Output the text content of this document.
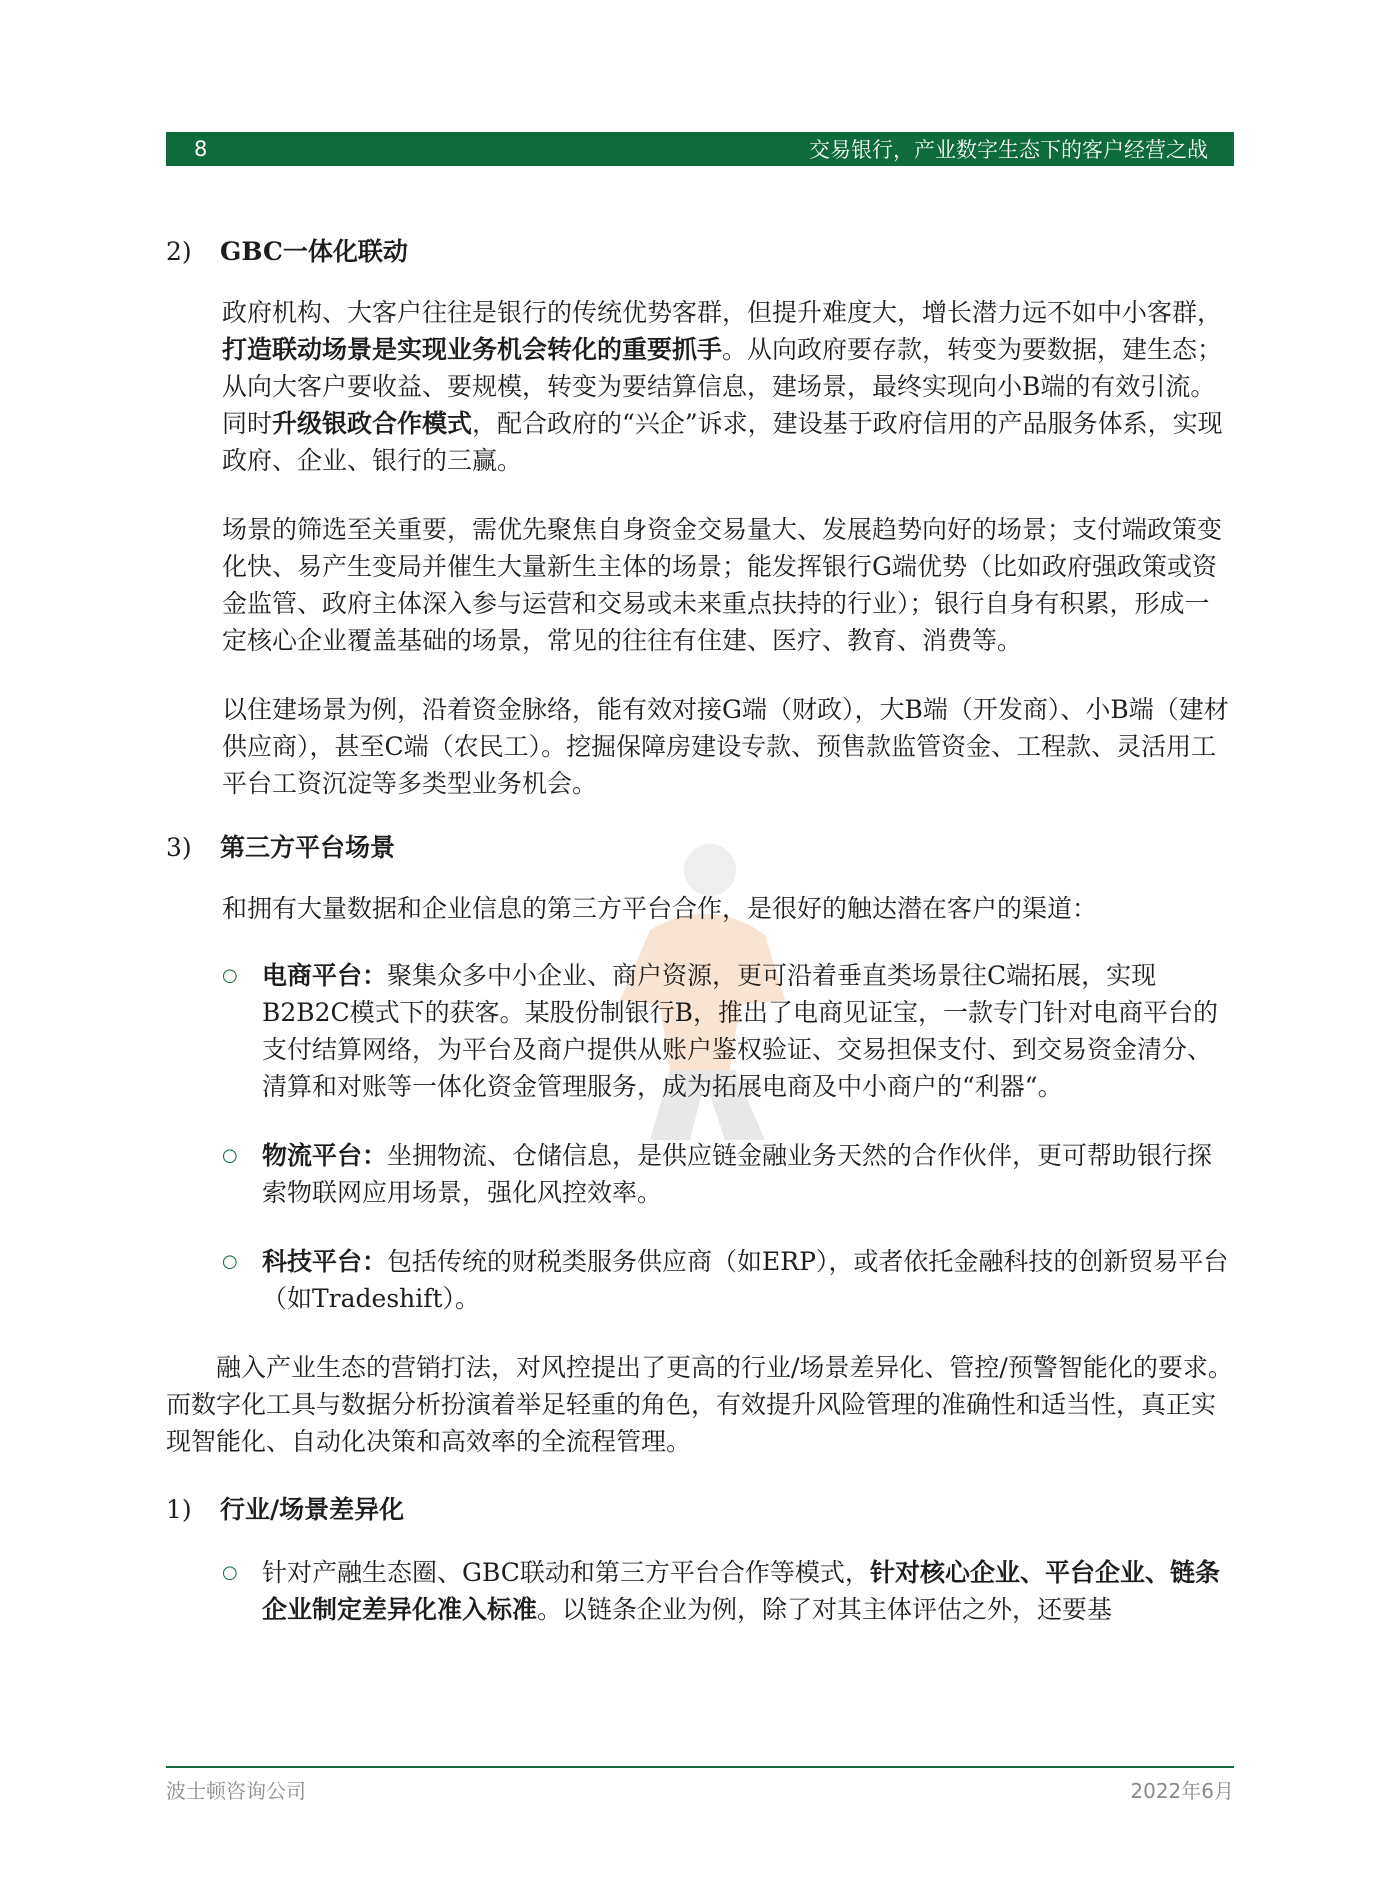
8	交易银行，产业数字生态下的客户经营之战
2)	GBC一体化联动

政府机构、大客户往往是银行的传统优势客群，但提升难度大，增长潜力远不如中小客群，打造联动场景是实现业务机会转化的重要抓手。从向政府要存款，转变为要数据，建生态；从向大客户要收益、要规模，转变为要结算信息，建场景，最终实现向小B端的有效引流。同时升级银政合作模式，配合政府的“兴企”诉求，建设基于政府信用的产品服务体系，实现政府、企业、银行的三赢。

场景的筛选至关重要，需优先聚焦自身资金交易量大、发展趋势向好的场景；支付端政策变化快、易产生变局并催生大量新生主体的场景；能发挥银行G端优势（比如政府强政策或资金监管、政府主体深入参与运营和交易或未来重点扶持的行业）；银行自身有积累，形成一定核心企业覆盖基础的场景，常见的往往有住建、医疗、教育、消费等。

以住建场景为例，沿着资金脉络，能有效对接G端（财政），大B端（开发商）、小B端（建材供应商），甚至C端（农民工）。挖掘保障房建设专款、预售款监管资金、工程款、灵活用工平台工资沉淀等多类型业务机会。

3)	第三方平台场景

和拥有大量数据和企业信息的第三方平台合作，是很好的触达潜在客户的渠道：

○ 电商平台：聚集众多中小企业、商户资源，更可沿着垂直类场景往C端拓展，实现B2B2C模式下的获客。某股份制银行B，推出了电商见证宝，一款专门针对电商平台的支付结算网络，为平台及商户提供从账户鉴权验证、交易担保支付、到交易资金清分、清算和对账等一体化资金管理服务，成为拓展电商及中小商户的“利器“。
○ 物流平台：坐拥物流、仓储信息，是供应链金融业务天然的合作伙伴，更可帮助银行探索物联网应用场景，强化风控效率。
○ 科技平台：包括传统的财税类服务供应商（如ERP），或者依托金融科技的创新贸易平台（如Tradeshift）。

融入产业生态的营销打法，对风控提出了更高的行业/场景差异化、管控/预警智能化的要求。而数字化工具与数据分析扮演着举足轻重的角色，有效提升风险管理的准确性和适当性，真正实现智能化、自动化决策和高效率的全流程管理。

1)	行业/场景差异化
○ 针对产融生态圈、GBC联动和第三方平台合作等模式，针对核心企业、平台企业、链条企业制定差异化准入标准。以链条企业为例，除了对其主体评估之外，还要基
波士顿咨询公司	2022年6月
